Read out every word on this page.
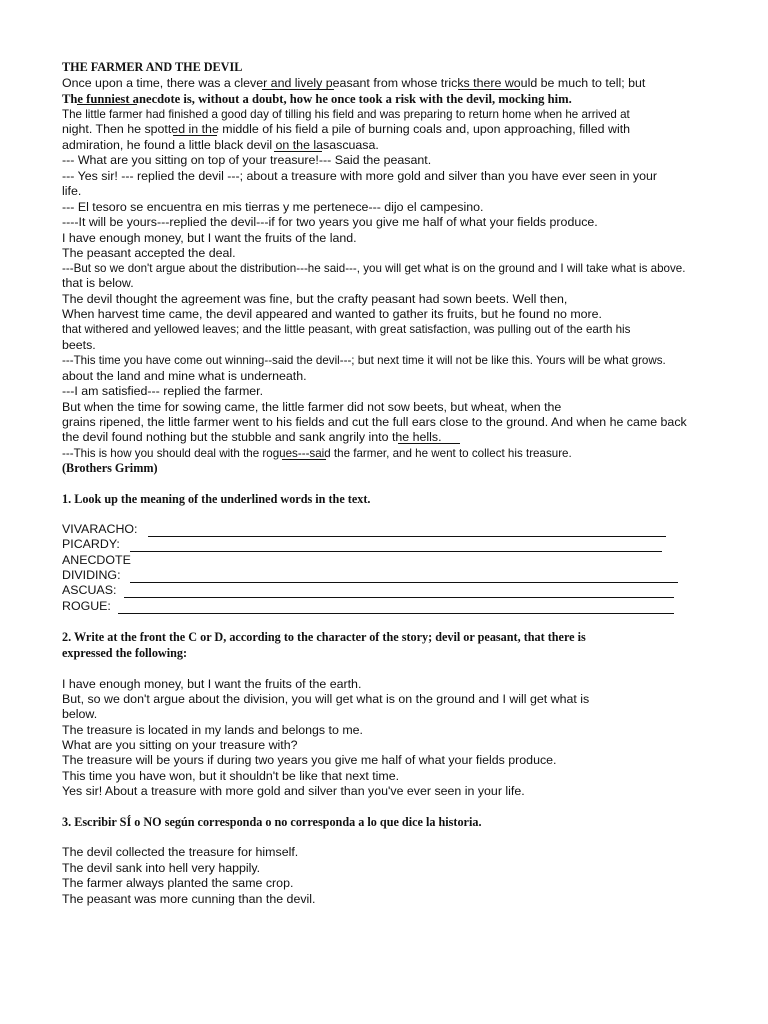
THE FARMER AND THE DEVIL
Once upon a time, there was a clever and lively peasant from whose tricks there would be much to tell; but
The funniest anecdote is, without a doubt, how he once took a risk with the devil, mocking him.
The little farmer had finished a good day of tilling his field and was preparing to return home when he arrived at
night. Then he spotted in the middle of his field a pile of burning coals and, upon approaching, filled with
admiration, he found a little black devil on the lasascuasa.
--- What are you sitting on top of your treasure!--- Said the peasant.
--- Yes sir! --- replied the devil ---; about a treasure with more gold and silver than you have ever seen in your
life.
--- El tesoro se encuentra en mis tierras y me pertenece--- dijo el campesino.
----It will be yours---replied the devil---if for two years you give me half of what your fields produce.
I have enough money, but I want the fruits of the land.
The peasant accepted the deal.
---But so we don't argue about the distribution---he said---, you will get what is on the ground and I will take what is above.
that is below.
The devil thought the agreement was fine, but the crafty peasant had sown beets. Well then,
When harvest time came, the devil appeared and wanted to gather its fruits, but he found no more.
that withered and yellowed leaves; and the little peasant, with great satisfaction, was pulling out of the earth his
beets.
---This time you have come out winning--said the devil---; but next time it will not be like this. Yours will be what grows.
about the land and mine what is underneath.
---I am satisfied--- replied the farmer.
But when the time for sowing came, the little farmer did not sow beets, but wheat, when the
grains ripened, the little farmer went to his fields and cut the full ears close to the ground. And when he came back
the devil found nothing but the stubble and sank angrily into the hells.
---This is how you should deal with the rogues---said the farmer, and he went to collect his treasure.
(Brothers Grimm)
1. Look up the meaning of the underlined words in the text.
VIVARACHO:
PICARDY:
ANECDOTE
DIVIDING:
ASCUAS:
ROGUE:
2. Write at the front the C or D, according to the character of the story; devil or peasant, that there is
expressed the following:
I have enough money, but I want the fruits of the earth.
But, so we don't argue about the division, you will get what is on the ground and I will get what is
below.
The treasure is located in my lands and belongs to me.
What are you sitting on your treasure with?
The treasure will be yours if during two years you give me half of what your fields produce.
This time you have won, but it shouldn't be like that next time.
Yes sir! About a treasure with more gold and silver than you've ever seen in your life.
3. Escribir SÍ o NO según corresponda o no corresponda a lo que dice la historia.
The devil collected the treasure for himself.
The devil sank into hell very happily.
The farmer always planted the same crop.
The peasant was more cunning than the devil.
